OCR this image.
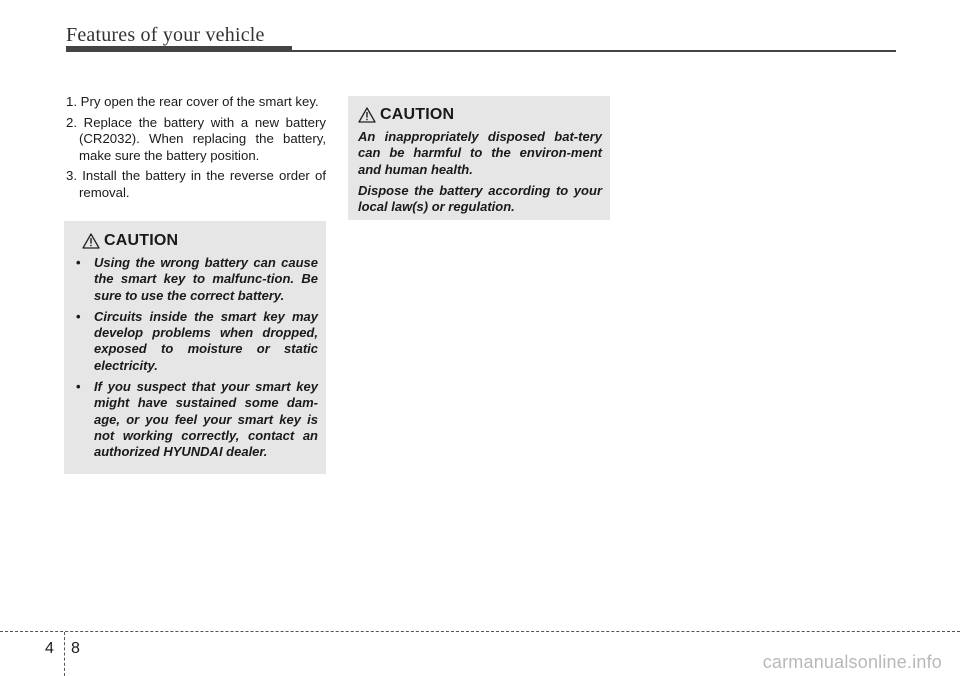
Features of your vehicle
1. Pry open the rear cover of the smart key.
2. Replace the battery with a new battery (CR2032). When replacing the battery, make sure the battery position.
3. Install the battery in the reverse order of removal.
CAUTION
• Using the wrong battery can cause the smart key to malfunc-tion. Be sure to use the correct battery.
• Circuits inside the smart key may develop problems when dropped, exposed to moisture or static electricity.
• If you suspect that your smart key might have sustained some dam-age, or you feel your smart key is not working correctly, contact an authorized HYUNDAI dealer.
CAUTION

An inappropriately disposed bat-tery can be harmful to the environ-ment and human health.

Dispose the battery according to your local law(s) or regulation.

4 8
carmanualsonline.info
